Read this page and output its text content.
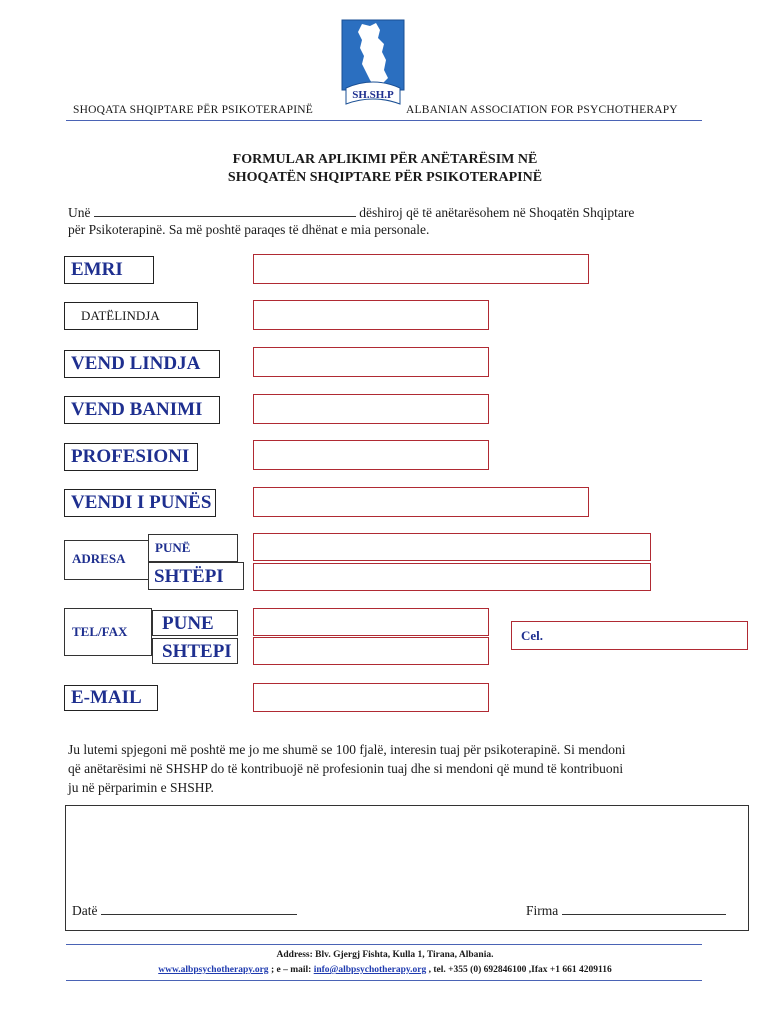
SH.SH.P
SHOQATA SHQIPTARE PËR PSIKOTERAPINË	ALBANIAN ASSOCIATION FOR PSYCHOTHERAPY
FORMULAR APLIKIMI PËR ANËTARËSIM NË
SHOQATËN SHQIPTARE PËR PSIKOTERAPINË
Unë	dëshiroj që të anëtarësohem në Shoqatën Shqiptare
për Psikoterapinë. Sa më poshtë paraqes të dhënat e mia personale.
EMRI
DATËLINDJA
VEND LINDJA
VEND BANIMI
PROFESIONI
VENDI I PUNËS
ADRESA
PUNË
SHTËPI
TEL/FAX PUNE
SHTEPI
Cel.
E-MAIL
Ju lutemi spjegoni më poshtë me jo me shumë se 100 fjalë, interesin tuaj për psikoterapinë. Si mendoni
që anëtarësimi në SHSHP do të kontribuojë në profesionin tuaj dhe si mendoni që mund të kontribuoni
ju në përparimin e SHSHP.
Datë	Firma
Address: Blv. Gjergj Fishta, Kulla 1, Tirana, Albania.
www.albpsychotherapy.org ; e – mail: info@albpsychotherapy.org , tel. +355 (0) 692846100 ,Ifax +1 661 4209116
